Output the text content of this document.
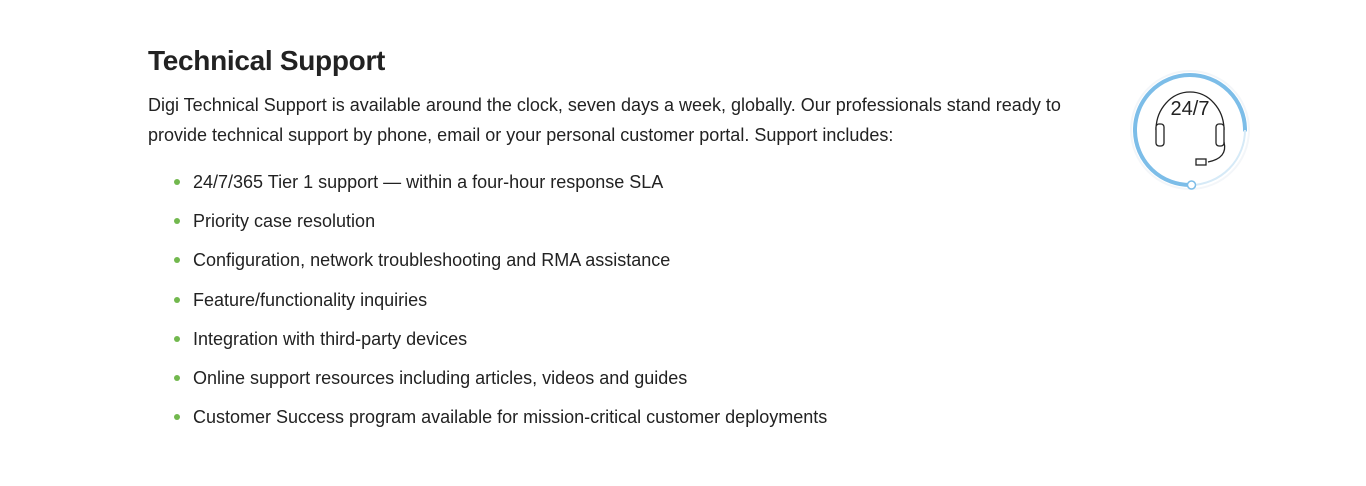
Technical Support

Digi Technical Support is available around the clock, seven days a week, globally. Our professionals stand ready to provide technical support by phone, email or your personal customer portal. Support includes:

24/7/365 Tier 1 support — within a four-hour response SLA
Priority case resolution
Configuration, network troubleshooting and RMA assistance
Feature/functionality inquiries
Integration with third-party devices
Online support resources including articles, videos and guides
Customer Success program available for mission-critical customer deployments
24/7
